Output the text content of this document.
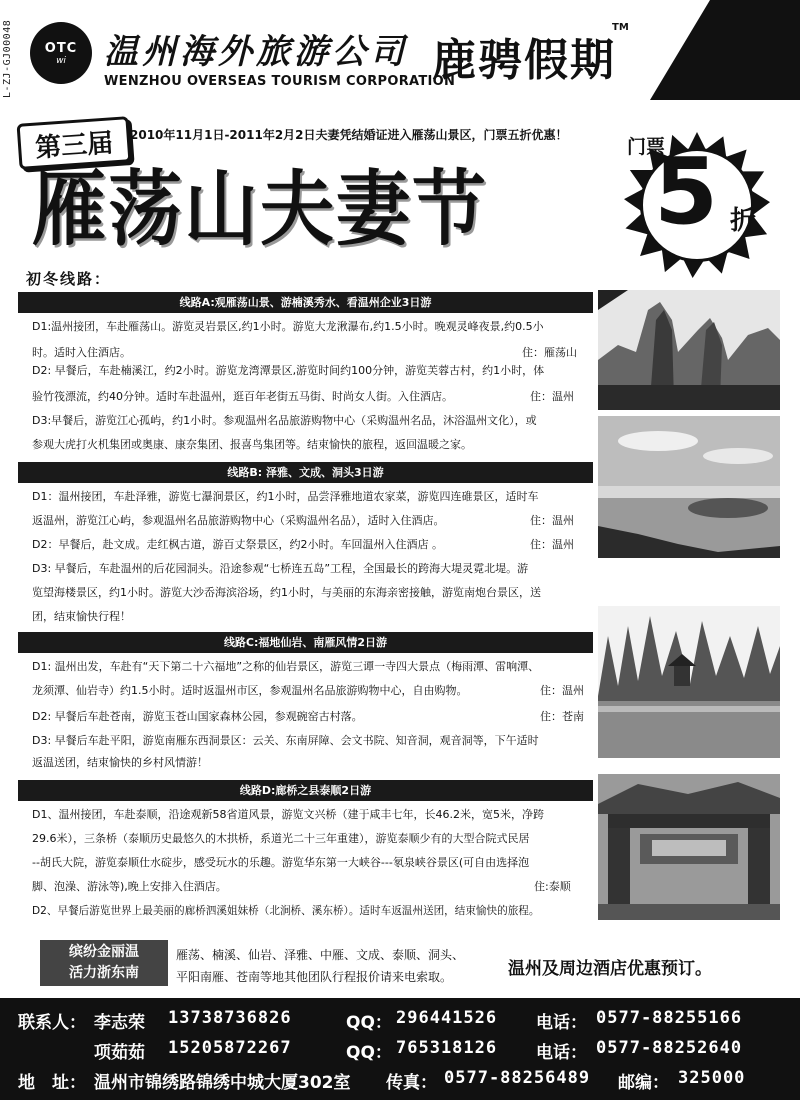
L-ZJ-GJ00048	OTC
wi 温州海外旅游公司
WENZHOU OVERSEAS TOURISM CORPORATION
鹿骋假期
TM
2010年11月1日-2011年2月2日夫妻凭结婚证进入雁荡山景区，门票五折优惠！
第三届
雁荡山夫妻节
门票
5 折
初冬线路：
线路A:观雁荡山景、游楠溪秀水、看温州企业3日游
D1:温州接团，车赴雁荡山。游览灵岩景区,约1小时。游览大龙湫瀑布,约1.5小时。晚观灵峰夜景,约0.5小
时。适时入住酒店。	住：雁荡山
D2: 早餐后，车赴楠溪江，约2小时。游览龙湾潭景区,游览时间约100分钟，游览芙蓉古村，约1小时，体
验竹筏漂流，约40分钟。适时车赴温州，逛百年老街五马街、时尚女人街。入住酒店。	住：温州
D3:早餐后，游览江心孤屿，约1小时。参观温州名品旅游购物中心（采购温州名品，沐浴温州文化），或
参观大虎打火机集团或奥康、康奈集团、报喜鸟集团等。结束愉快的旅程，返回温暖之家。
线路B: 泽雅、文成、洞头3日游
D1：温州接团，车赴泽雅，游览七瀑涧景区，约1小时，品尝泽雅地道农家菜，游览四连碓景区，适时车
返温州，游览江心屿，参观温州名品旅游购物中心（采购温州名品），适时入住酒店。	住：温州
D2：早餐后，赴文成。走红枫古道，游百丈祭景区，约2小时。车回温州入住酒店 。	住：温州
D3: 早餐后，车赴温州的后花园洞头。沿途参观“七桥连五岛”工程，全国最长的跨海大堤灵霓北堤。游
览望海楼景区，约1小时。游览大沙岙海滨浴场，约1小时，与美丽的东海亲密接触，游览南炮台景区，送
团，结束愉快行程！
线路C:福地仙岩、南雁风情2日游
D1: 温州出发，车赴有“天下第二十六福地”之称的仙岩景区，游览三谭一寺四大景点（梅雨潭、雷响潭、
龙须潭、仙岩寺）约1.5小时。适时返温州市区，参观温州名品旅游购物中心，自由购物。	住：温州
D2: 早餐后车赴苍南，游览玉苍山国家森林公园，参观碗窑古村落。	住：苍南
D3: 早餐后车赴平阳，游览南雁东西洞景区：云关、东南屏障、会文书院、知音洞，观音洞等，下午适时
返温送团，结束愉快的乡村风情游！
线路D:廊桥之县泰顺2日游
D1、温州接团，车赴泰顺，沿途观新58省道风景，游览文兴桥（建于咸丰七年，长46.2米，宽5米，净跨
29.6米），三条桥（泰顺历史最悠久的木拱桥，系道光二十三年重建），游览泰顺少有的大型合院式民居
--胡氏大院，游览泰顺仕水碇步，感受玩水的乐趣。游览华东第一大峡谷---氡泉峡谷景区(可自由选择泡
脚、泡澡、游泳等),晚上安排入住酒店。	住:泰顺
D2、早餐后游览世界上最美丽的廊桥泗溪姐妹桥（北涧桥、溪东桥）。适时车返温州送团，结束愉快的旅程。
缤纷金丽温
活力浙东南
雁荡、楠溪、仙岩、泽雅、中雁、文成、泰顺、洞头、
平阳南雁、苍南等地其他团队行程报价请来电索取。	温州及周边酒店优惠预订。
联系人： 李志荣 13738736826	QQ： 296441526 电话： 0577-88255166
项茹茹 15205872267	QQ： 765318126 电话： 0577-88252640
地　址： 温州市锦绣路锦绣中城大厦302室 传真： 0577-88256489 邮编： 325000
